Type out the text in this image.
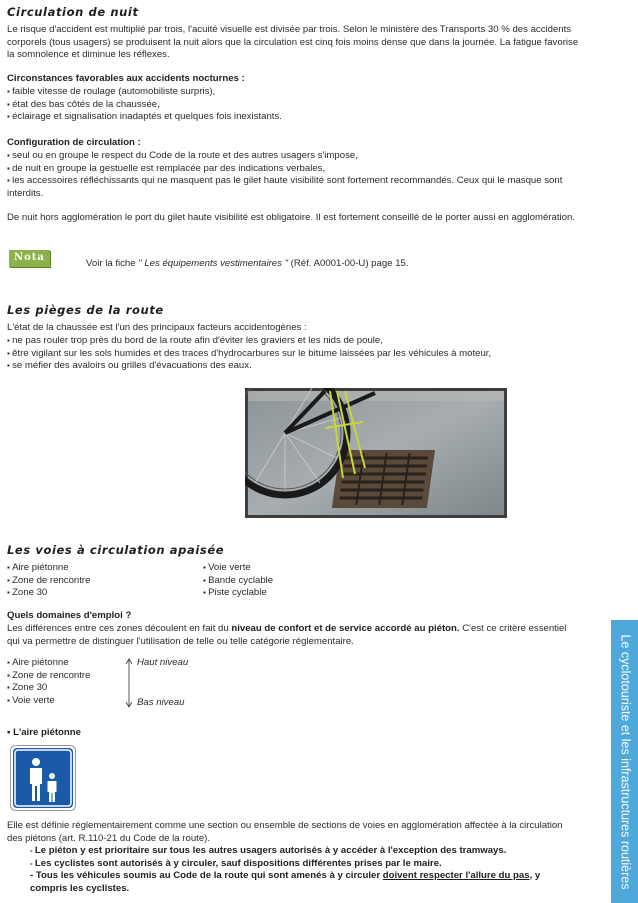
Circulation de nuit

Le risque d'accident est multiplié par trois, l'acuité visuelle est divisée par trois. Selon le ministère des Transports 30 % des accidents corporels (tous usagers) se produisent la nuit alors que la circulation est cinq fois moins dense que dans la journée. La fatigue favorise la somnolence et diminue les réflexes.

Circonstances favorables aux accidents nocturnes :

▪ faible vitesse de roulage (automobiliste surpris),
▪ état des bas côtés de la chaussée,
▪ éclairage et signalisation inadaptés et quelques fois inexistants.

Configuration de circulation :

▪ seul ou en groupe le respect du Code de la route et des autres usagers s'impose,
▪ de nuit en groupe la gestuelle est remplacée par des indications verbales,
▪ les accessoires réfléchissants qui ne masquent pas le gilet haute visibilité sont fortement recommandés. Ceux qui le masque sont interdits.

De nuit hors agglomération le port du gilet haute visibilité est obligatoire. Il est fortement conseillé de le porter aussi en agglomération.

Nota

Voir la fiche " Les équipements vestimentaires " (Réf. A0001-00-U) page 15.

Les pièges de la route

L'état de la chaussée est l'un des principaux facteurs accidentogènes :

▪ ne pas rouler trop près du bord de la route afin d'éviter les graviers et les nids de poule,
▪ être vigilant sur les sols humides et des traces d'hydrocarbures sur le bitume laissées par les véhicules à moteur,
▪ se méfier des avaloirs ou grilles d'évacuations des eaux.
Les voies à circulation apaisée
▪ Aire piétonne
▪ Zone de rencontre
▪ Zone 30
▪ Voie verte
▪ Bande cyclable
▪ Piste cyclable

Quels domaines d'emploi ?

Les différences entre ces zones découlent en fait du niveau de confort et de service accordé au piéton. C'est ce critère essentiel qui va permettre de distinguer l'utilisation de telle ou telle catégorie réglementaire.

▪ Aire piétonne
▪ Zone de rencontre
▪ Zone 30
▪ Voie verte
Haut niveau
Bas niveau

▪ L'aire piétonne

Elle est définie réglementairement comme une section ou ensemble de sections de voies en agglomération affectée à la circulation des piétons (art. R.110-21 du Code de la route).

- Le piéton y est prioritaire sur tous les autres usagers autorisés à y accéder à l'exception des tramways.
- Les cyclistes sont autorisés à y circuler, sauf dispositions différentes prises par le maire.

- Tous les véhicules soumis au Code de la route qui sont amenés à y circuler doivent respecter l'allure du pas, y compris les cyclistes.	Le cyclotouriste et les infrastructures routières
